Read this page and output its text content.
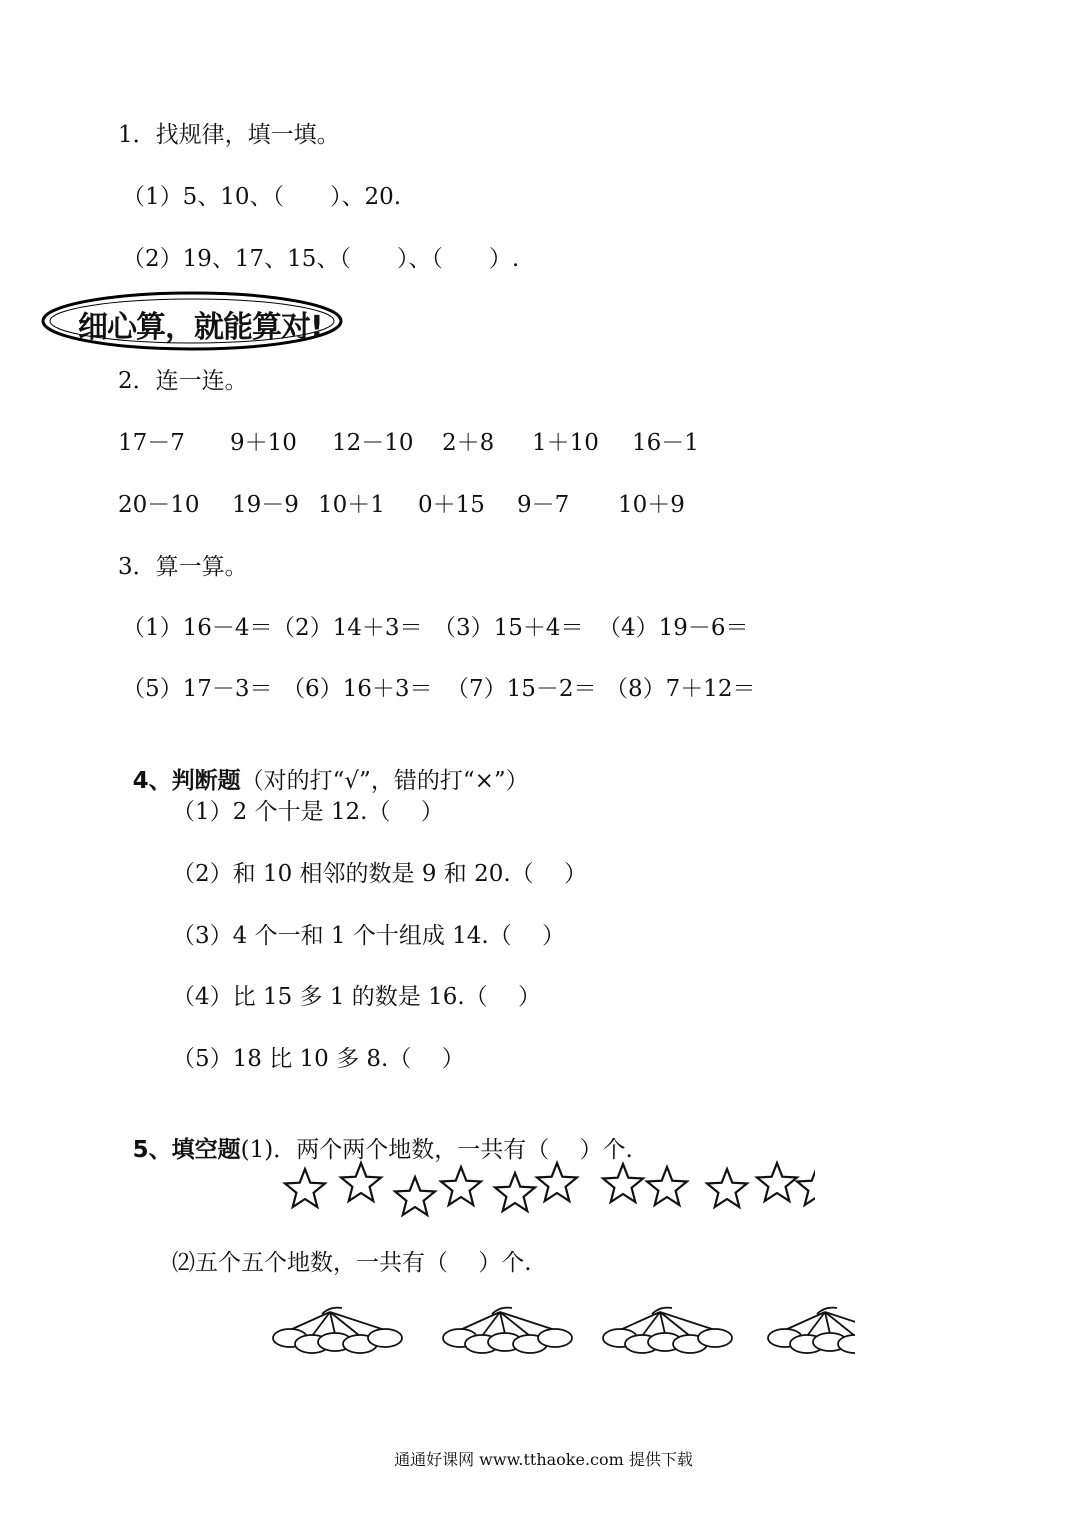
1．找规律，填一填。
（1）5、10、（　　）、20.
（2）19、17、15、（　　）、（　　）.
细心算，就能算对!
2．连一连。
17－7 9＋10 12－10 2＋8 1＋10 16－1
20－10 19－9 10＋1 0＋15 9－7 10＋9
3．算一算。
（1）16－4＝ （2）14＋3＝ （3）15＋4＝ （4）19－6＝
（5）17－3＝ （6）16＋3＝ （7）15－2＝ （8）7＋12＝

4、判断题（对的打“√”，错的打“×”）

（1）2 个十是 12.（　 ）
（2）和 10 相邻的数是 9 和 20.（　 ）
（3）4 个一和 1 个十组成 14.（　 ）
（4）比 15 多 1 的数是 16.（　 ）
（5）18 比 10 多 8.（　 ）

5、填空题(1)．两个两个地数，一共有（　 ）个.

⑵五个五个地数，一共有（　 ）个.
通通好课网 www.tthaoke.com 提供下载
